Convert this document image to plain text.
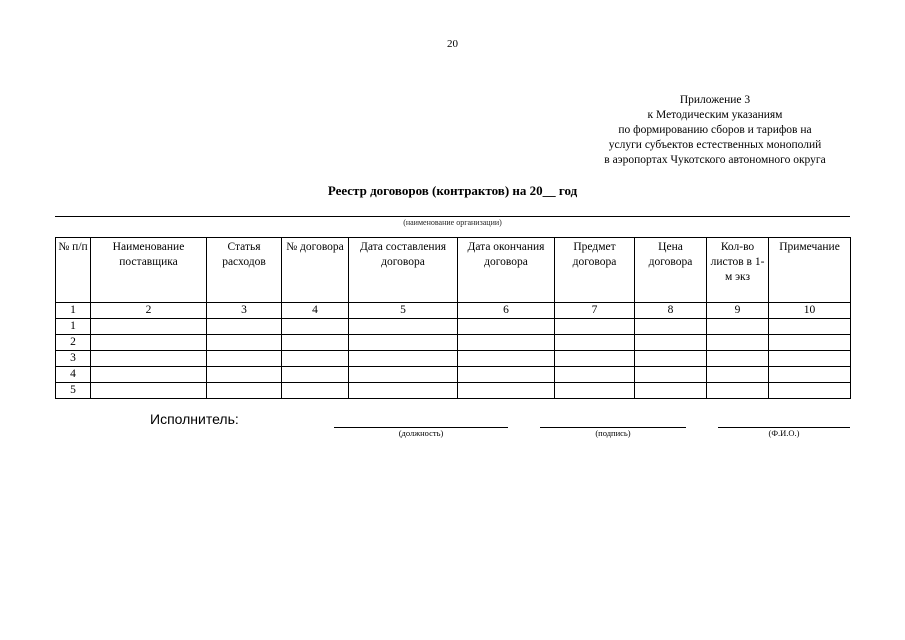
20
Приложение 3
к Методическим указаниям
по формированию сборов и тарифов на
услуги субъектов естественных монополий
в аэропортах Чукотского автономного округа
Реестр договоров (контрактов) на 20__ год
(наименование организации)
№ п/п	Наименование поставщика	Статья расходов	№ договора	Дата составления договора	Дата окончания договора	Предмет договора	Цена договора	Кол-во листов в 1-м экз	Примечание
1	2	3	4	5	6	7	8	9	10
1									
2									
3									
4									
5									
Исполнитель:
(должность)	(подпись)	(Ф.И.О.)
